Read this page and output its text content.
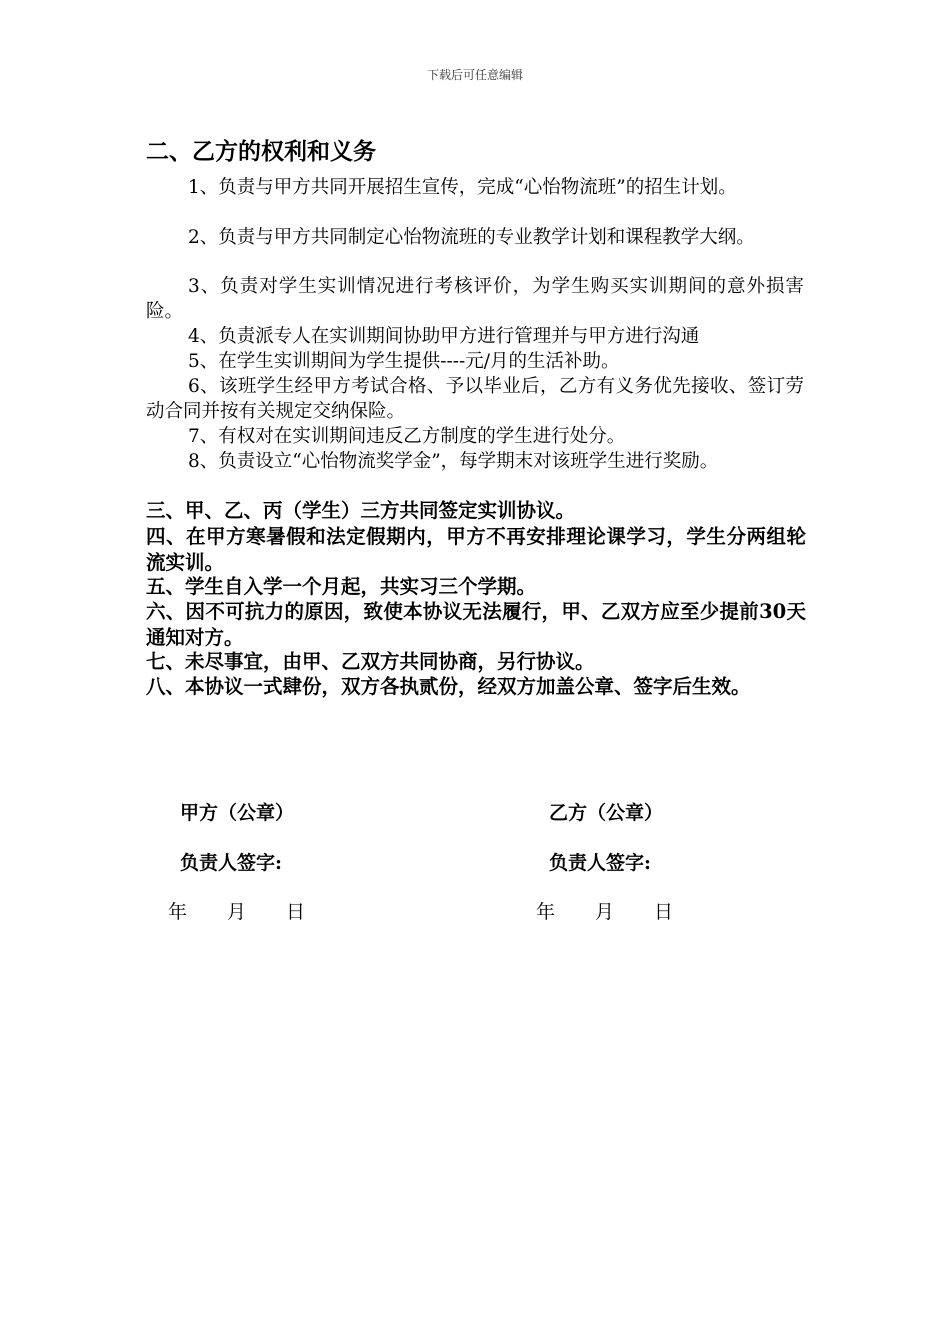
下载后可任意编辑
二、乙方的权利和义务

1、负责与甲方共同开展招生宣传，完成“心怡物流班”的招生计划。

2、负责与甲方共同制定心怡物流班的专业教学计划和课程教学大纲。

3、负责对学生实训情况进行考核评价，为学生购买实训期间的意外损害险。

4、负责派专人在实训期间协助甲方进行管理并与甲方进行沟通

5、在学生实训期间为学生提供----元/月的生活补助。

6、该班学生经甲方考试合格、予以毕业后，乙方有义务优先接收、签订劳动合同并按有关规定交纳保险。

7、有权对在实训期间违反乙方制度的学生进行处分。

8、负责设立“心怡物流奖学金”，每学期末对该班学生进行奖励。

三、甲、乙、丙（学生）三方共同签定实训协议。

四、在甲方寒暑假和法定假期内，甲方不再安排理论课学习，学生分两组轮流实训。

五、学生自入学一个月起，共实习三个学期。

六、因不可抗力的原因，致使本协议无法履行，甲、乙双方应至少提前30天通知对方。

七、未尽事宜，由甲、乙双方共同协商，另行协议。

八、本协议一式肆份，双方各执贰份，经双方加盖公章、签字后生效。

甲方（公章）	乙方（公章）
负责人签字:	负责人签字:
年 月 日	年 月 日
